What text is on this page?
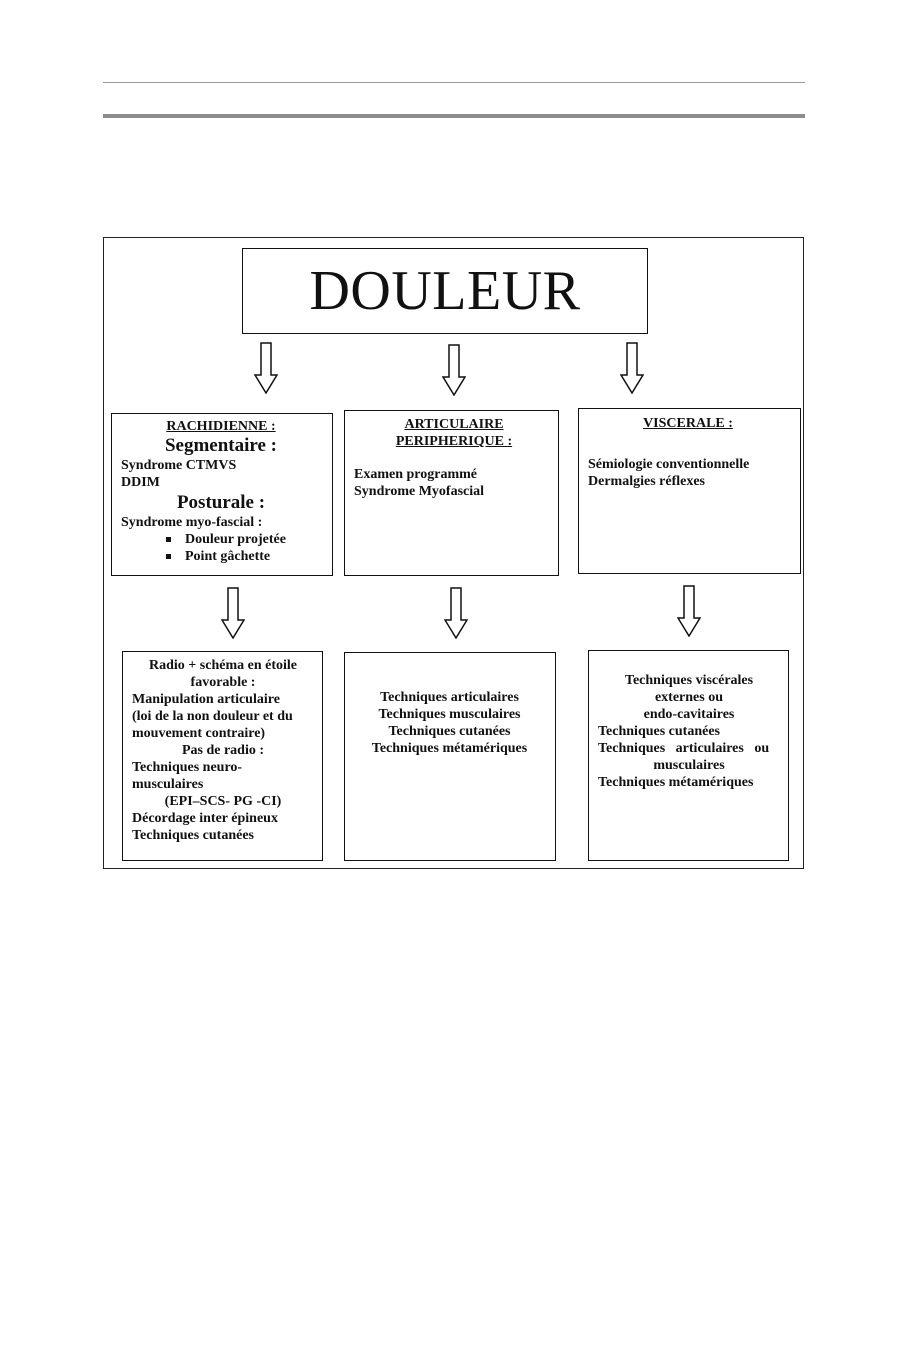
DOULEUR
RACHIDIENNE :
Segmentaire :
Syndrome CTMVS
DDIM
Posturale :
Syndrome myo-fascial :
Douleur projetée
Point gâchette
ARTICULAIRE
PERIPHERIQUE :
Examen programmé
Syndrome Myofascial
VISCERALE :
Sémiologie conventionnelle
Dermalgies réflexes
Radio + schéma en étoile
favorable :
Manipulation articulaire
(loi de la non douleur et du
mouvement contraire)
Pas de radio :
Techniques neuro-
musculaires
(EPI–SCS- PG -CI)
Décordage inter épineux
Techniques cutanées
Techniques articulaires
Techniques musculaires
Techniques cutanées
Techniques métamériques
Techniques viscérales
externes ou
endo-cavitaires
Techniques cutanées
Techniques   articulaires   ou
musculaires
Techniques métamériques
